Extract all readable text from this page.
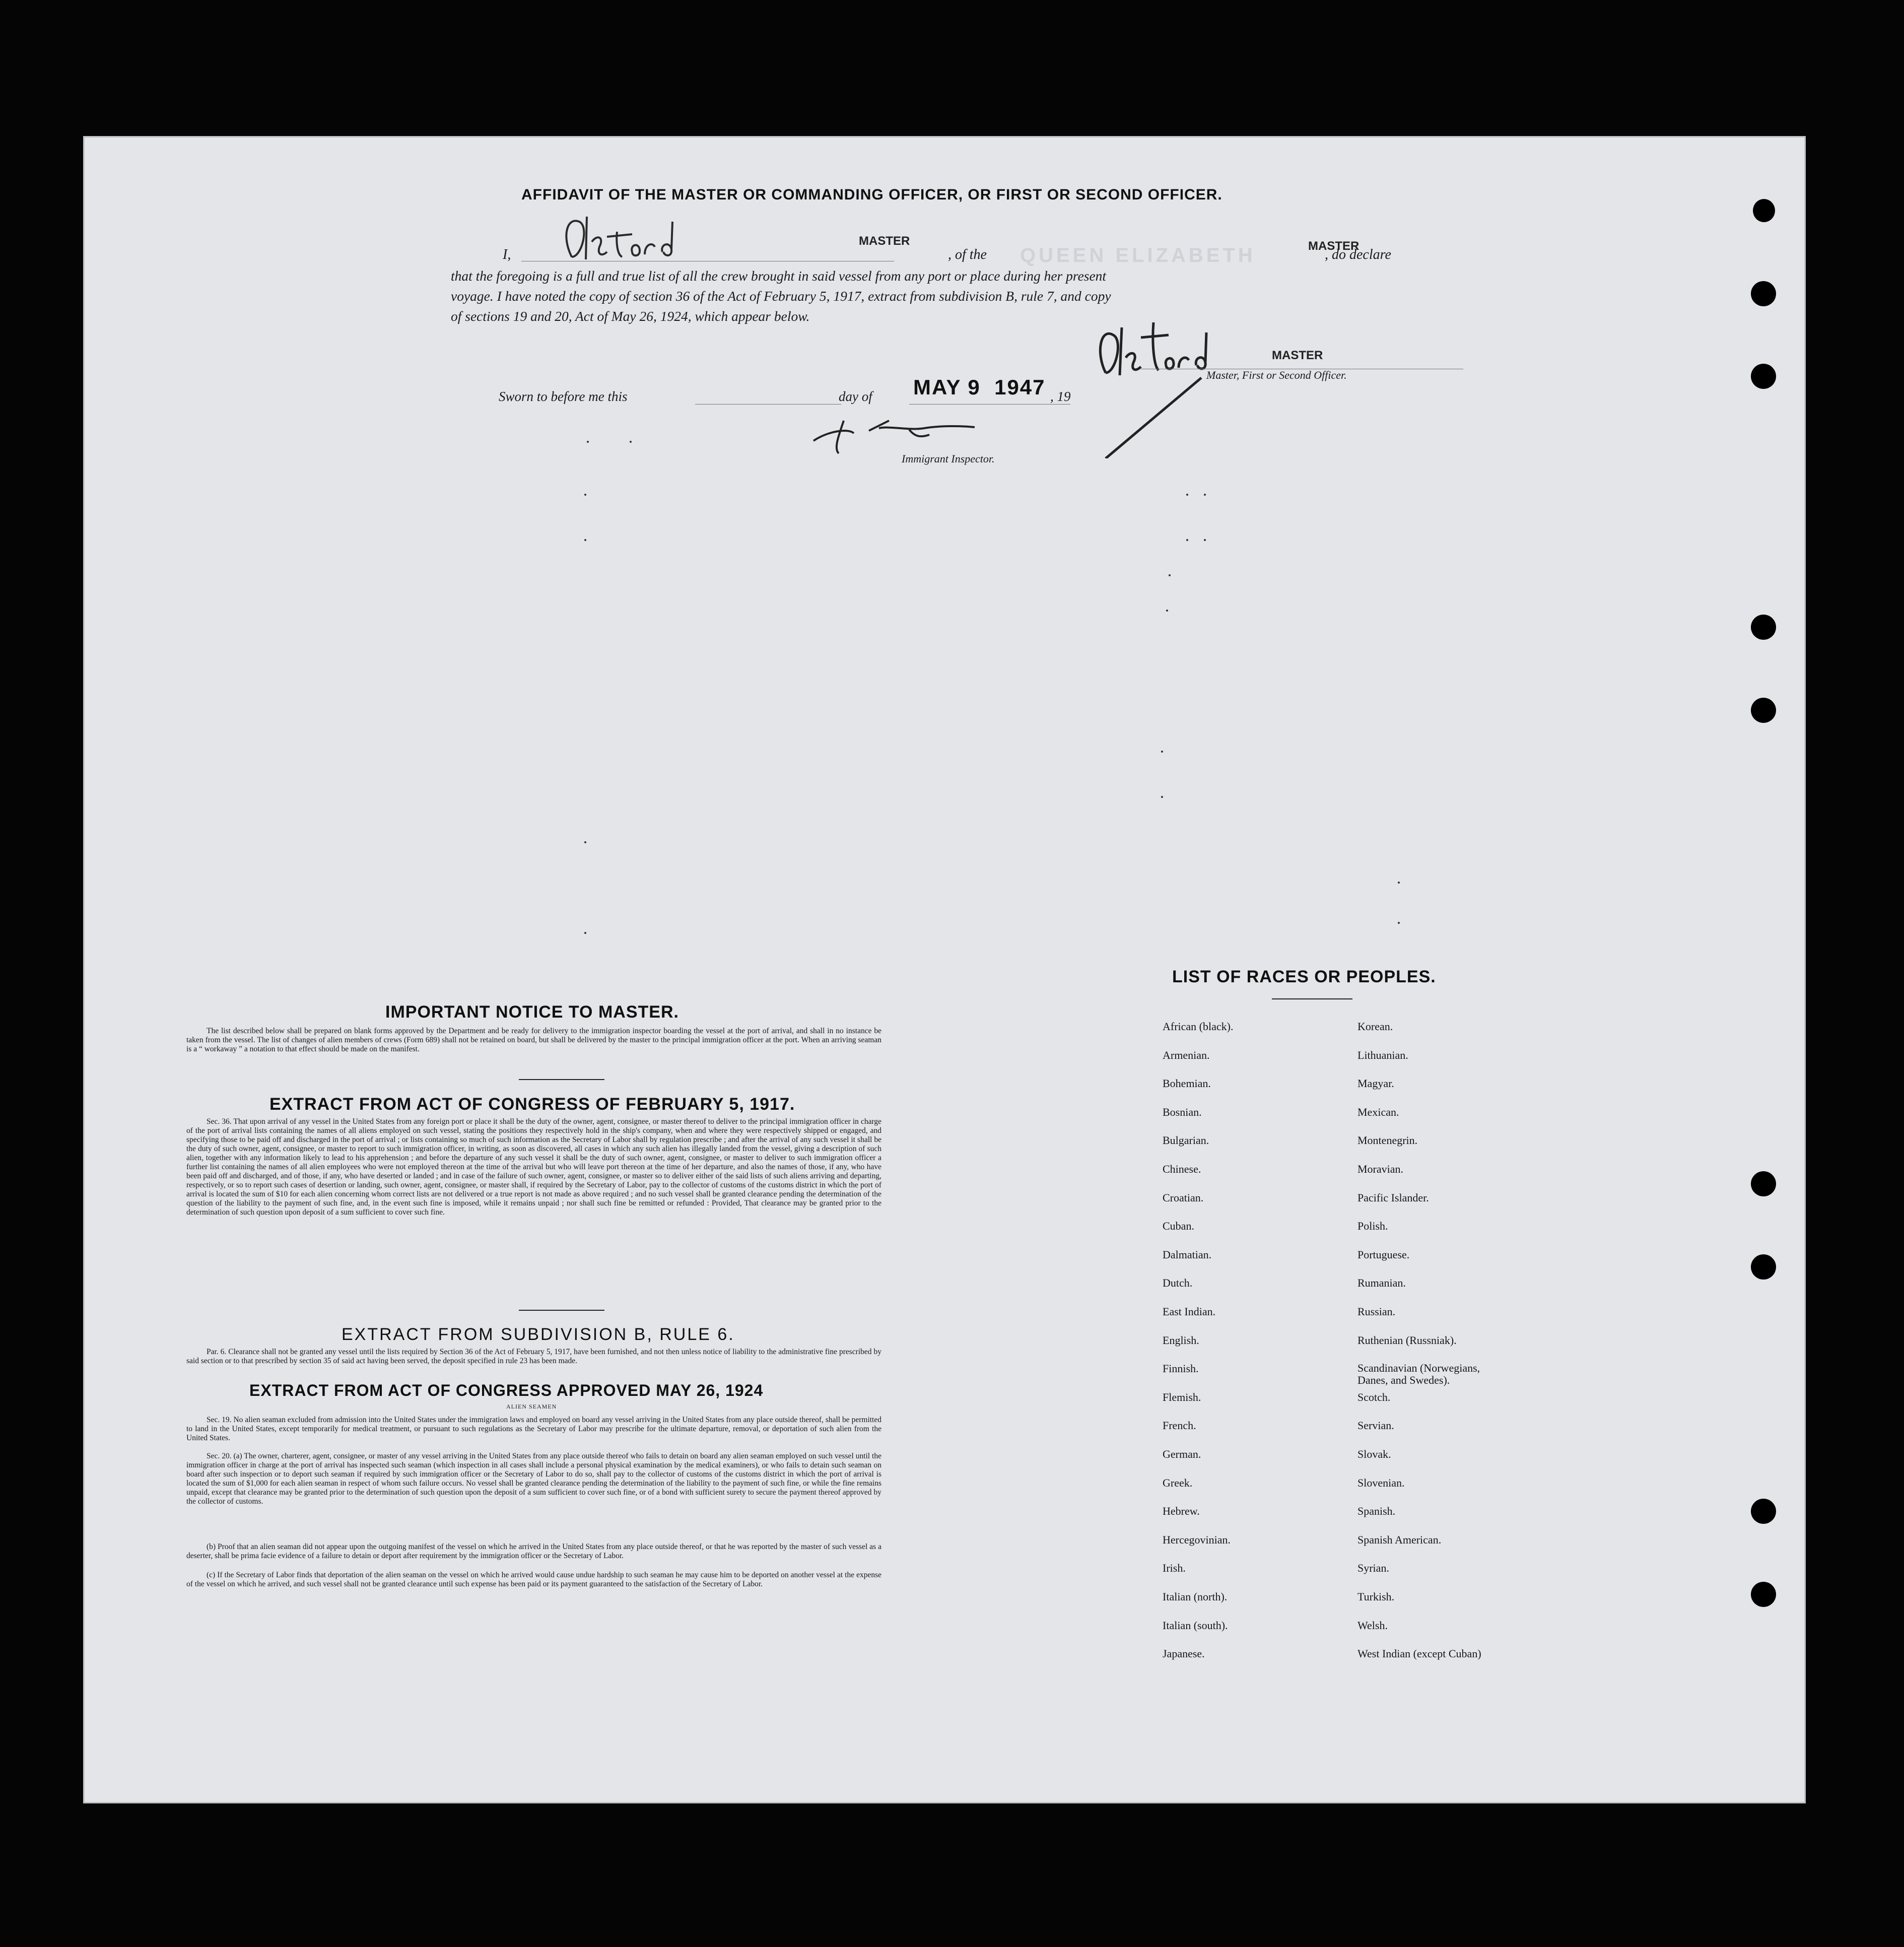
AFFIDAVIT OF THE MASTER OR COMMANDING OFFICER, OR FIRST OR SECOND OFFICER.
I,
MASTER
, of the QUEEN ELIZABETH	MASTER
, do declare
that the foregoing is a full and true list of all the crew brought in said vessel from any port or place during her present
voyage. I have noted the copy of section 36 of the Act of February 5, 1917, extract from subdivision B, rule 7, and copy
of sections 19 and 20, Act of May 26, 1924, which appear below.
MASTER
Master, First or Second Officer.
Sworn to before me this	day of MAY 9  1947 , 19
Immigrant Inspector.
IMPORTANT NOTICE TO MASTER.
The list described below shall be prepared on blank forms approved by the Department and be ready for delivery to the immigration inspector boarding the vessel at the port of arrival, and shall in no instance be taken from the vessel. The list of changes of alien members of crews (Form 689) shall not be retained on board, but shall be delivered by the master to the principal immigration officer at the port. When an arriving seaman is a “ workaway ” a notation to that effect should be made on the manifest.
EXTRACT FROM ACT OF CONGRESS OF FEBRUARY 5, 1917.
Sec. 36. That upon arrival of any vessel in the United States from any foreign port or place it shall be the duty of the owner, agent, consignee, or master thereof to deliver to the principal immigration officer in charge of the port of arrival lists containing the names of all aliens employed on such vessel, stating the positions they respectively hold in the ship's company, when and where they were respectively shipped or engaged, and specifying those to be paid off and discharged in the port of arrival ; or lists containing so much of such information as the Secretary of Labor shall by regulation prescribe ; and after the arrival of any such vessel it shall be the duty of such owner, agent, consignee, or master to report to such immigration officer, in writing, as soon as discovered, all cases in which any such alien has illegally landed from the vessel, giving a description of such alien, together with any information likely to lead to his apprehension ; and before the departure of any such vessel it shall be the duty of such owner, agent, consignee, or master to deliver to such immigration officer a further list containing the names of all alien employees who were not employed thereon at the time of the arrival but who will leave port thereon at the time of her departure, and also the names of those, if any, who have been paid off and discharged, and of those, if any, who have deserted or landed ; and in case of the failure of such owner, agent, consignee, or master so to deliver either of the said lists of such aliens arriving and departing, respectively, or so to report such cases of desertion or landing, such owner, agent, consignee, or master shall, if required by the Secretary of Labor, pay to the collector of customs of the customs district in which the port of arrival is located the sum of $10 for each alien concerning whom correct lists are not delivered or a true report is not made as above required ; and no such vessel shall be granted clearance pending the determination of the question of the liability to the payment of such fine, and, in the event such fine is imposed, while it remains unpaid ; nor shall such fine be remitted or refunded : Provided, That clearance may be granted prior to the determination of such question upon deposit of a sum sufficient to cover such fine.
EXTRACT FROM SUBDIVISION B, RULE 6.
Par. 6. Clearance shall not be granted any vessel until the lists required by Section 36 of the Act of February 5, 1917, have been furnished, and not then unless notice of liability to the administrative fine prescribed by said section or to that prescribed by section 35 of said act having been served, the deposit specified in rule 23 has been made.
EXTRACT FROM ACT OF CONGRESS APPROVED MAY 26, 1924
ALIEN SEAMEN
Sec. 19. No alien seaman excluded from admission into the United States under the immigration laws and employed on board any vessel arriving in the United States from any place outside thereof, shall be permitted to land in the United States, except temporarily for medical treatment, or pursuant to such regulations as the Secretary of Labor may prescribe for the ultimate departure, removal, or deportation of such alien from the United States.
Sec. 20. (a) The owner, charterer, agent, consignee, or master of any vessel arriving in the United States from any place outside thereof who fails to detain on board any alien seaman employed on such vessel until the immigration officer in charge at the port of arrival has inspected such seaman (which inspection in all cases shall include a personal physical examination by the medical examiners), or who fails to detain such seaman on board after such inspection or to deport such seaman if required by such immigration officer or the Secretary of Labor to do so, shall pay to the collector of customs of the customs district in which the port of arrival is located the sum of $1,000 for each alien seaman in respect of whom such failure occurs. No vessel shall be granted clearance pending the determination of the liability to the payment of such fine, or while the fine remains unpaid, except that clearance may be granted prior to the determination of such question upon the deposit of a sum sufficient to cover such fine, or of a bond with sufficient surety to secure the payment thereof approved by the collector of customs.
(b) Proof that an alien seaman did not appear upon the outgoing manifest of the vessel on which he arrived in the United States from any place outside thereof, or that he was reported by the master of such vessel as a deserter, shall be prima facie evidence of a failure to detain or deport after requirement by the immigration officer or the Secretary of Labor.
(c) If the Secretary of Labor finds that deportation of the alien seaman on the vessel on which he arrived would cause undue hardship to such seaman he may cause him to be deported on another vessel at the expense of the vessel on which he arrived, and such vessel shall not be granted clearance until such expense has been paid or its payment guaranteed to the satisfaction of the Secretary of Labor.
LIST OF RACES OR PEOPLES.
African (black).
Armenian.
Bohemian.
Bosnian.
Bulgarian.
Chinese.
Croatian.
Cuban.
Dalmatian.
Dutch.
East Indian.
English.
Finnish.
Flemish.
French.
German.
Greek.
Hebrew.
Hercegovinian.
Irish.
Italian (north).
Italian (south).
Japanese.
Korean.
Lithuanian.
Magyar.
Mexican.
Montenegrin.
Moravian.
Pacific Islander.
Polish.
Portuguese.
Rumanian.
Russian.
Ruthenian (Russniak).
Scandinavian (Norwegians, Danes, and Swedes).
Scotch.
Servian.
Slovak.
Slovenian.
Spanish.
Spanish American.
Syrian.
Turkish.
Welsh.
West Indian (except Cuban)
